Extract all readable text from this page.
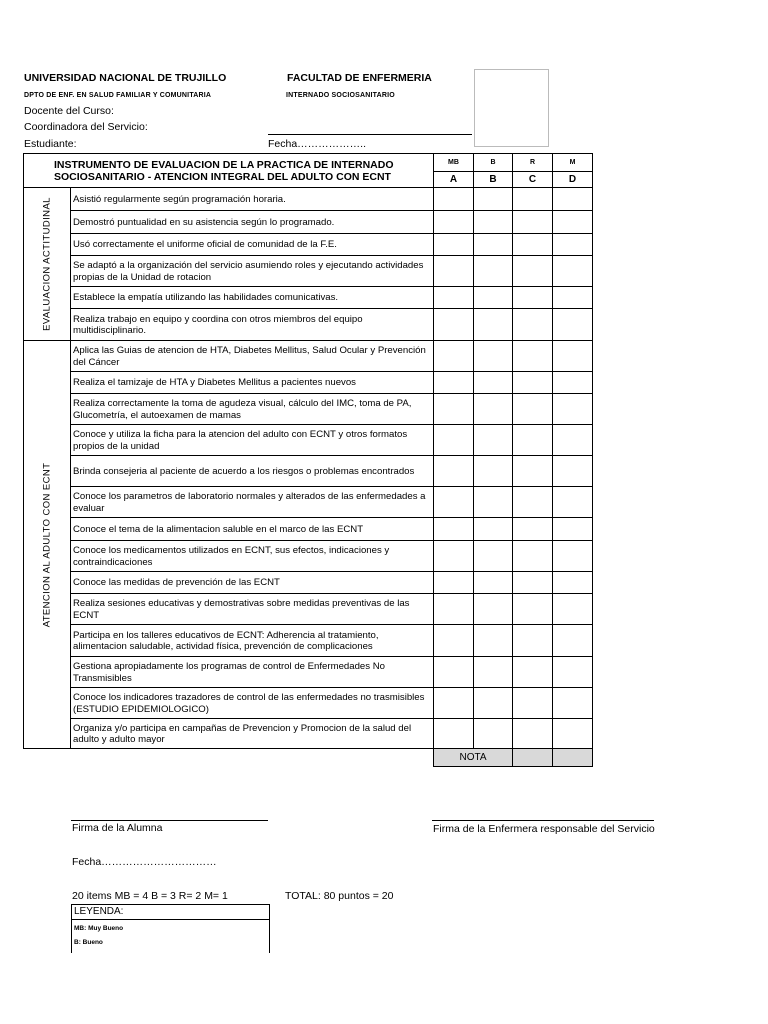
UNIVERSIDAD NACIONAL DE TRUJILLO	FACULTAD DE ENFERMERIA
DPTO DE ENF. EN SALUD FAMILIAR Y COMUNITARIA	INTERNADO SOCIOSANITARIO
Docente del Curso:
Coordinadora del Servicio:
Estudiante:	Fecha………………..
INSTRUMENTO DE EVALUACION DE LA PRACTICA DE INTERNADO
SOCIOSANITARIO - ATENCION INTEGRAL DEL ADULTO CON ECNT		MB	B	R	M
		A	B	C	D

EVALUACION ACTITUDINAL	Asistió regularmente según programación horaria.				
	Demostró puntualidad en su asistencia según lo programado.				
	Usó correctamente el uniforme oficial de comunidad de la F.E.				
	Se adaptó a la organización del servicio asumiendo roles y ejecutando actividades propias de la Unidad de rotacion				
	Establece la empatía utilizando las habilidades comunicativas.				
	Realiza trabajo en equipo y coordina con otros miembros del equipo multidisciplinario.				

ATENCION AL ADULTO CON ECNT	Aplica las Guias de atencion de HTA, Diabetes Mellitus, Salud Ocular y Prevención del Cáncer				
	Realiza el tamizaje de HTA y Diabetes Mellitus a pacientes nuevos				
	Realiza correctamente la toma de agudeza visual, cálculo del IMC, toma de PA, Glucometría, el autoexamen de mamas				
	Conoce y utiliza la ficha para la atencion del adulto con ECNT y otros formatos propios de la unidad				
	Brinda consejeria al paciente de acuerdo a los riesgos o problemas encontrados				
	Conoce los parametros de laboratorio normales y alterados de las enfermedades a evaluar				
	Conoce el tema de la alimentacion saluble en el marco de las ECNT				
	Conoce los medicamentos utilizados en ECNT, sus efectos, indicaciones y contraindicaciones				
	Conoce las medidas de prevención de las ECNT				
	Realiza sesiones educativas y demostrativas sobre medidas preventivas de las ECNT				
	Participa en los talleres educativos de ECNT: Adherencia al tratamiento, alimentacion saludable, actividad física, prevención de complicaciones				
	Gestiona apropiadamente los programas de control de Enfermedades No Transmisibles				
	Conoce los indicadores trazadores de control de las enfermedades no trasmisibles (ESTUDIO EPIDEMIOLOGICO)				
	Organiza y/o participa en campañas de Prevencion y Promocion de la salud del adulto y adulto mayor				
		NOTA			
Firma de la Alumna	Firma de la Enfermera responsable del Servicio
Fecha……………………………
20 items MB = 4 B = 3 R= 2 M= 1	TOTAL: 80 puntos = 20
LEYENDA:
MB: Muy Bueno
B: Bueno
